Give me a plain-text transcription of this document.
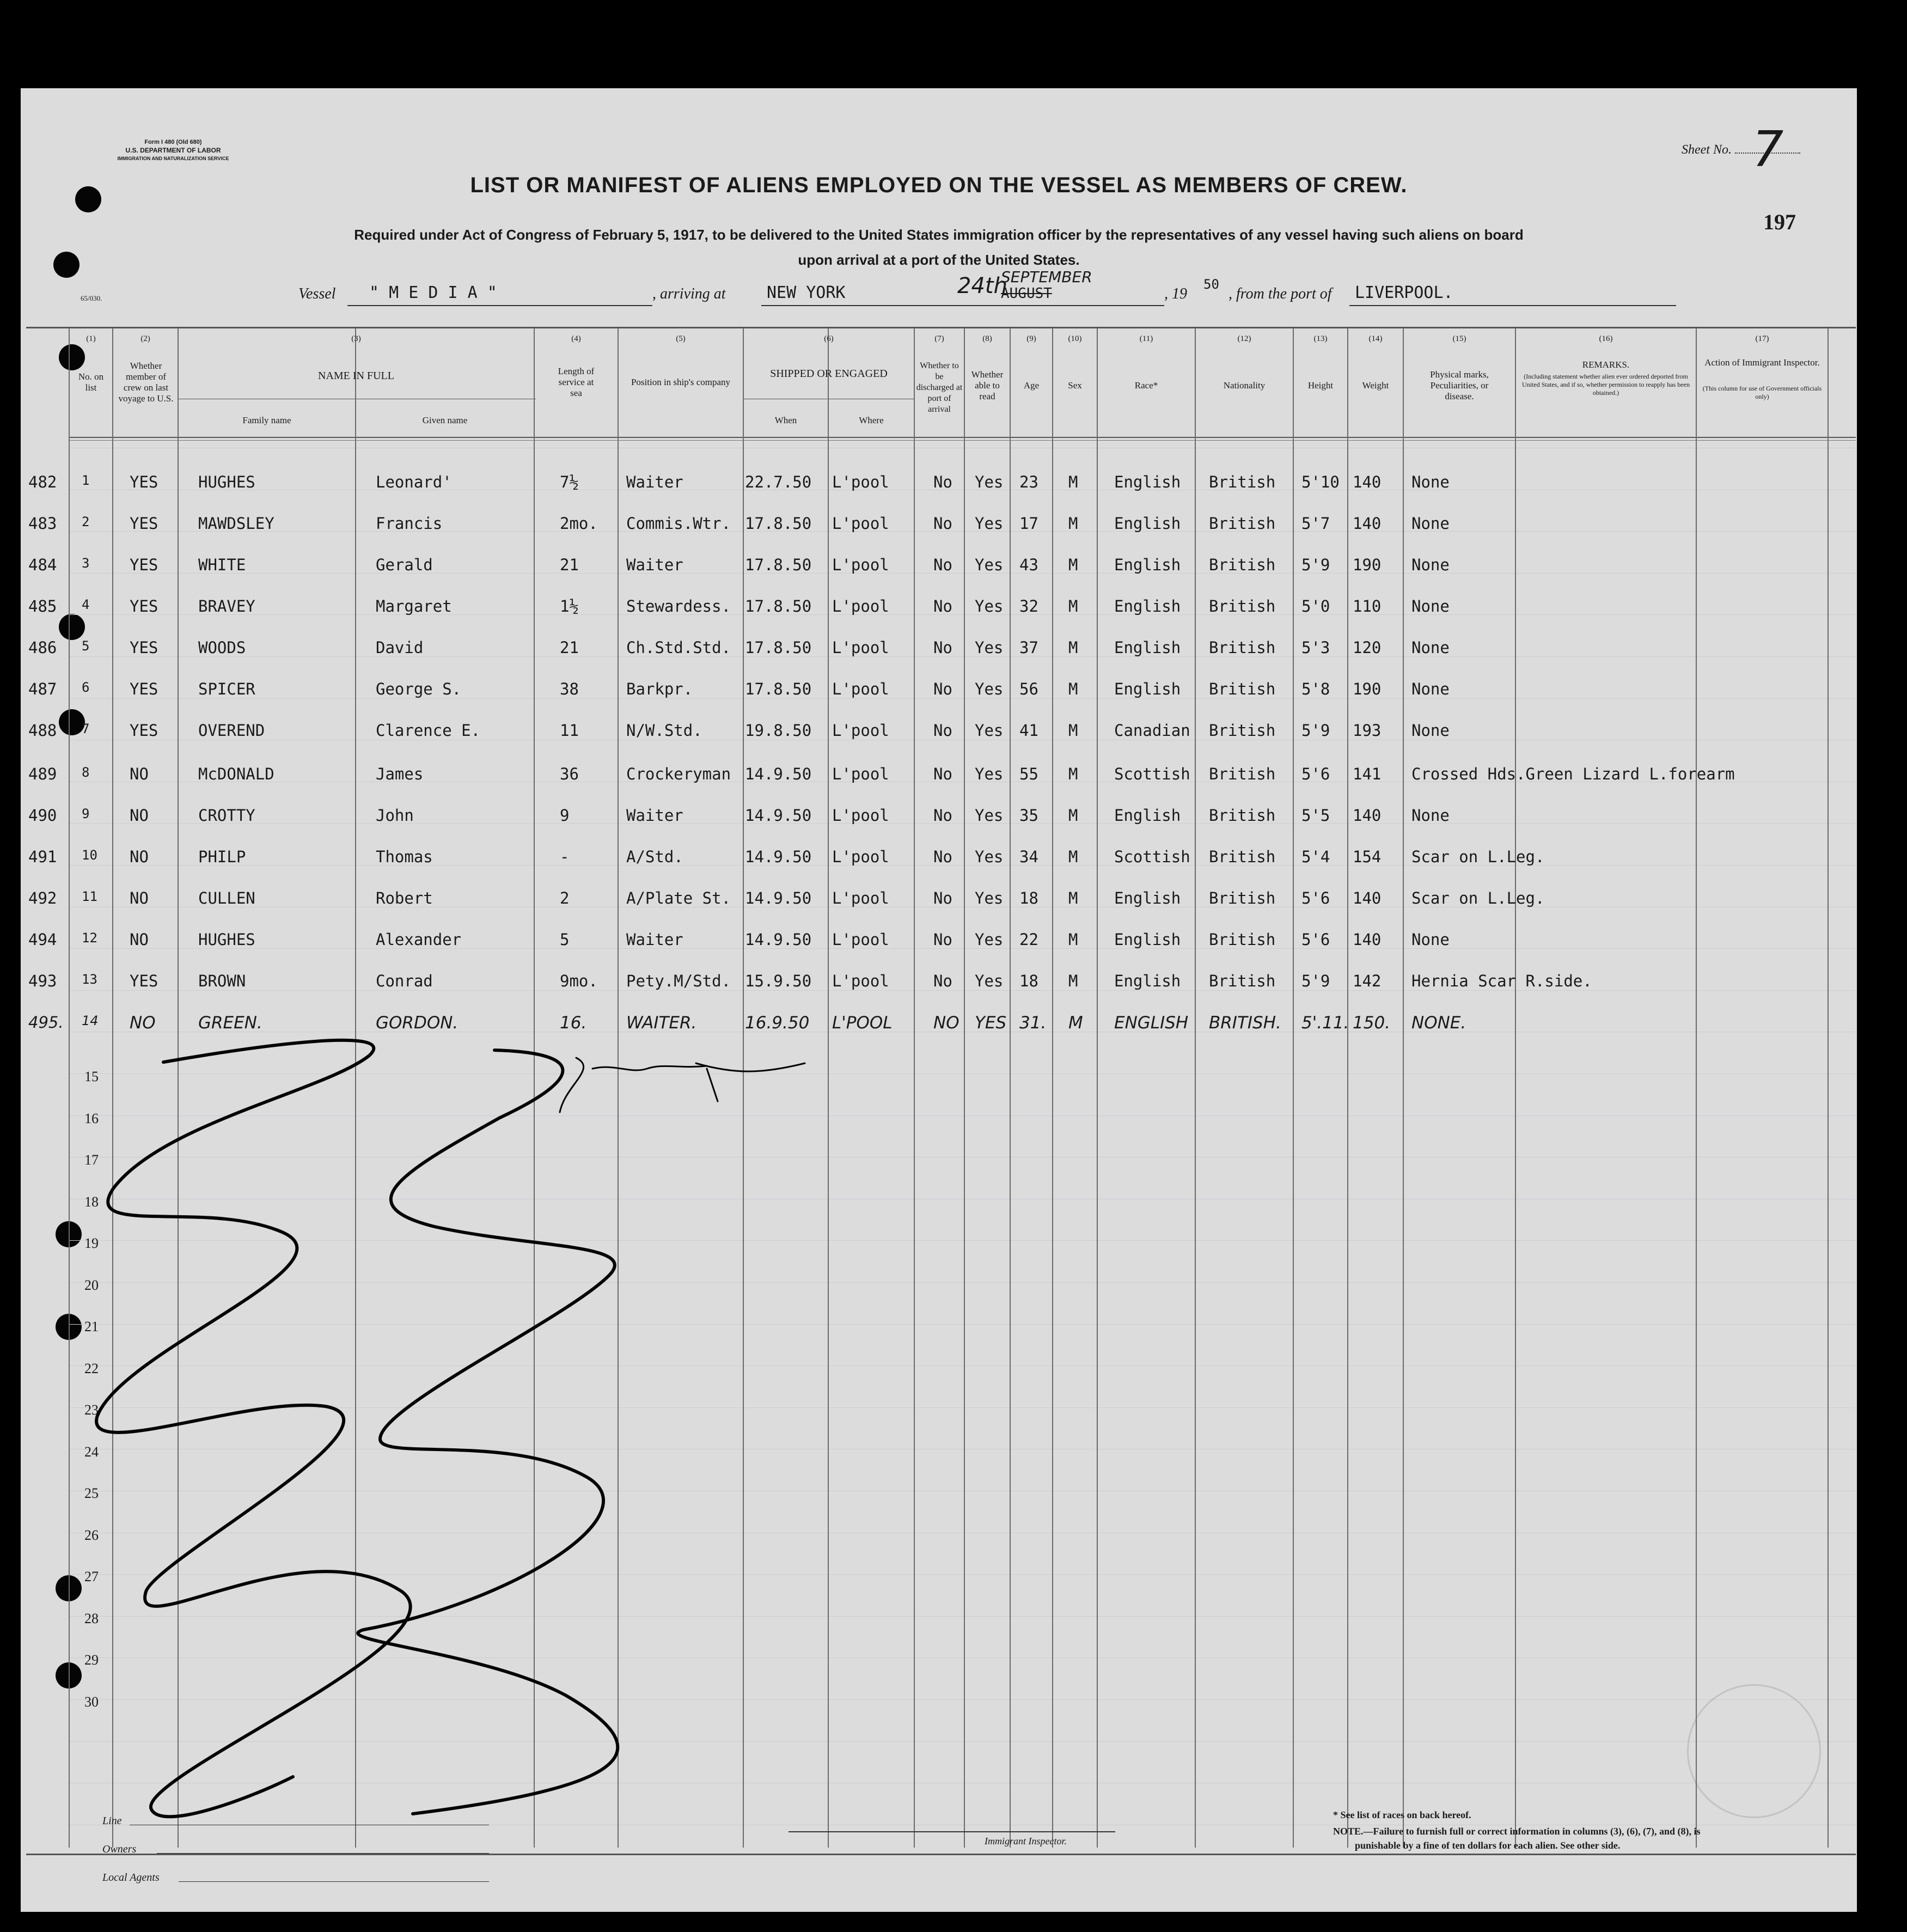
Form I 480 (Old 680)
U.S. DEPARTMENT OF LABOR
IMMIGRATION AND NATURALIZATION SERVICE
65/030.
Sheet No. 7
197
LIST OR MANIFEST OF ALIENS EMPLOYED ON THE VESSEL AS MEMBERS OF CREW.
Required under Act of Congress of February 5, 1917, to be delivered to the United States immigration officer by the representatives of any vessel having such aliens on board
upon arrival at a port of the United States.
Vessel " M E D I A "	, arriving at	NEW YORK	24th
SEPTEMBER
AUGUST	, 19
50
, from the port of LIVERPOOL.
(1)
No. on list
(2)
Whether member of crew on last voyage to U.S.
(3)
NAME IN FULL
Family name	Given name
(4)
Length of service at sea
(5)
Position in ship's company
(6)
SHIPPED OR ENGAGED
When	Where
(7)
Whether to be discharged at port of arrival
(8)
Whether able to read
(9)
Age
(10)
Sex
(11)
Race*
(12)
Nationality
(13)
Height
(14)
Weight
(15)
Physical marks, Peculiarities, or disease.
(16)
REMARKS.
(Including statement whether alien ever ordered deported from United States, and if so, whether permission to reapply has been obtained.)
(17)
Action of Immigrant Inspector.
(This column for use of Government officials only)
482 1	YES	HUGHES	Leonard'	7½	Waiter	22.7.50 L'pool	No Yes 23 M English British 5'10 140 None
483 2	YES	MAWDSLEY	Francis	2mo. Commis.Wtr. 17.8.50 L'pool	No Yes 17 M English British 5'7 140 None
484 3	YES	WHITE	Gerald	21	Waiter	17.8.50 L'pool	No Yes 43 M English British 5'9 190 None
485 4	YES	BRAVEY	Margaret	1½	Stewardess. 17.8.50 L'pool	No Yes 32 M English British 5'0 110 None
486 5	YES	WOODS	David	21	Ch.Std.Std. 17.8.50 L'pool	No Yes 37 M English British 5'3 120 None
487 6	YES	SPICER	George S.	38	Barkpr.	17.8.50 L'pool	No Yes 56 M English British 5'8 190 None
488 7	YES	OVEREND	Clarence E.	11	N/W.Std.	19.8.50 L'pool	No Yes 41 M Canadian British 5'9 193 None
489 8	NO	McDONALD	James	36	Crockeryman 14.9.50 L'pool	No Yes 55 M Scottish British 5'6 141 Crossed Hds.Green Lizard L.forearm
490 9	NO	CROTTY	John	9	Waiter	14.9.50 L'pool	No Yes 35 M English British 5'5 140 None
491 10 NO	PHILP	Thomas	-	A/Std.	14.9.50 L'pool	No Yes 34 M Scottish British 5'4 154 Scar on L.Leg.
492 11 NO	CULLEN	Robert	2	A/Plate St. 14.9.50 L'pool	No Yes 18 M English British 5'6 140 Scar on L.Leg.
494 12 NO	HUGHES	Alexander	5	Waiter	14.9.50 L'pool	No Yes 22 M English British 5'6 140 None
493 13 YES	BROWN	Conrad	9mo. Pety.M/Std. 15.9.50 L'pool	No Yes 18 M English British 5'9 142 Hernia Scar R.side.
495. 14 NO	GREEN.	GORDON.	16. WAITER.	16.9.50 L'POOL NO YES 31. M ENGLISH BRITISH. 5'.11. 150. NONE.
15
16
17
18
19
20
21
22
23
24
25
26
27
28
29
30
Line
Owners
Local Agents
Immigrant Inspector.
* See list of races on back hereof.
NOTE.—Failure to furnish full or correct information in columns (3), (6), (7), and (8), is
punishable by a fine of ten dollars for each alien. See other side.
